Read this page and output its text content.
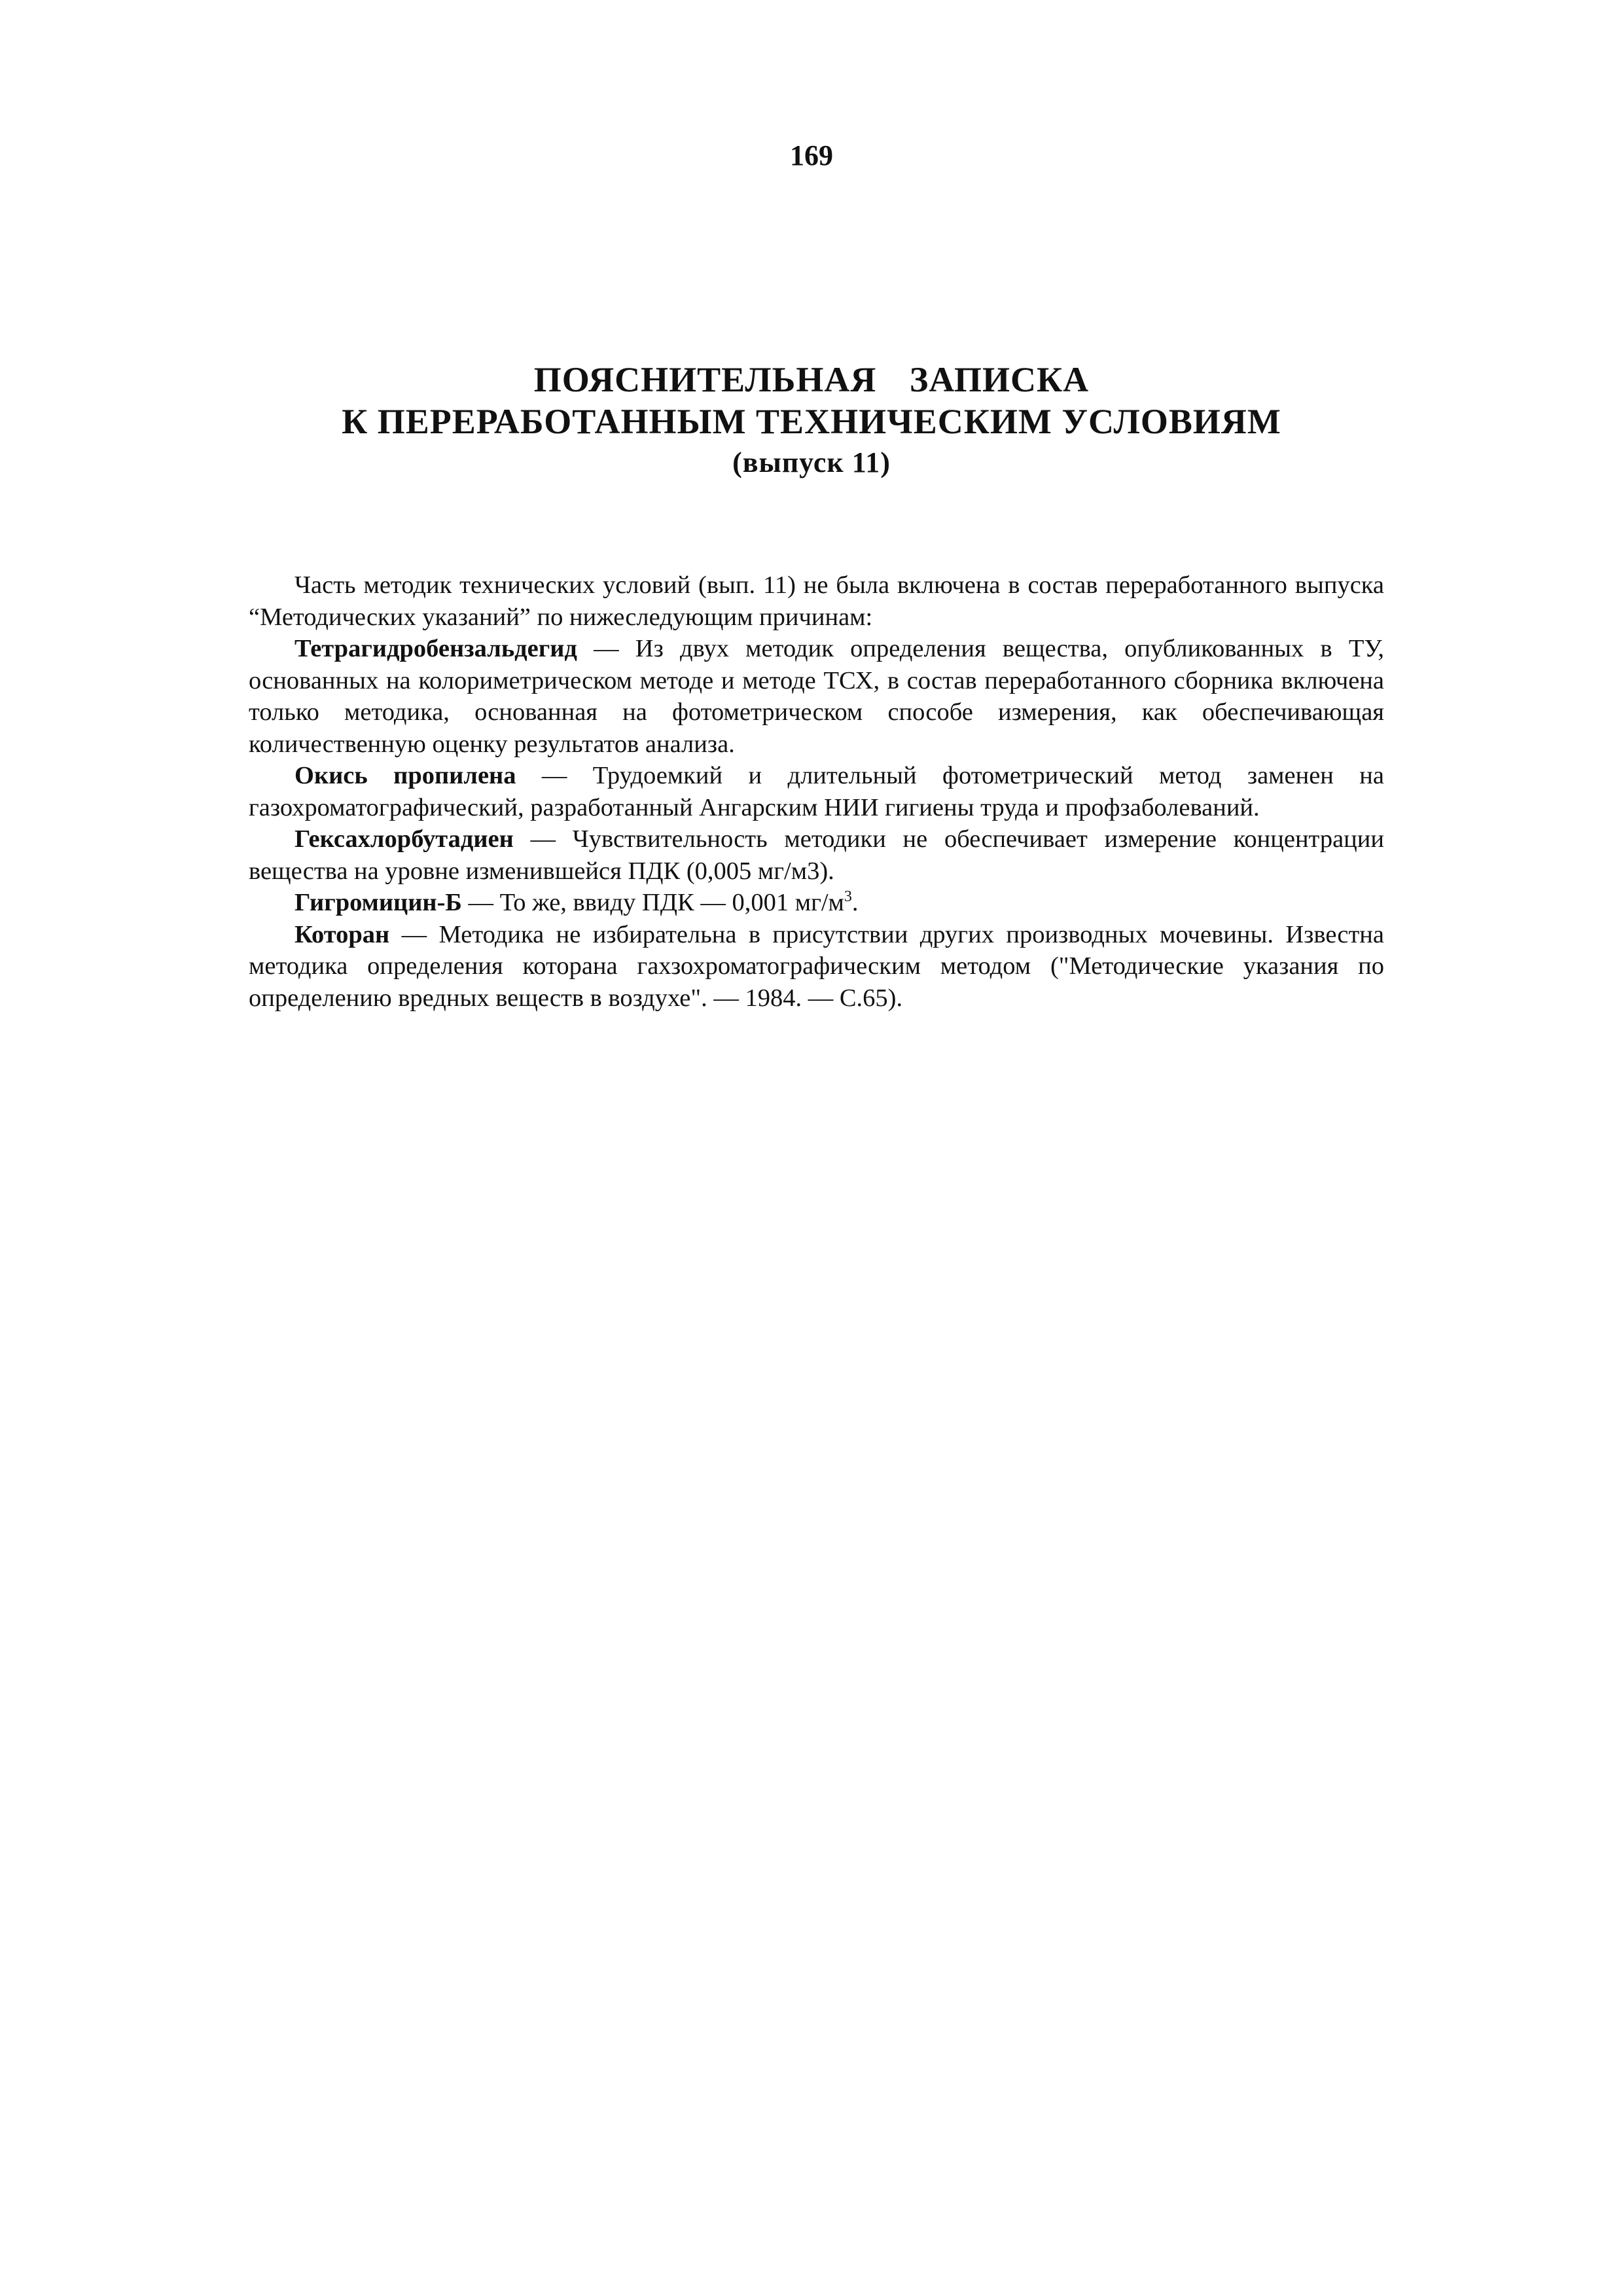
169
ПОЯСНИТЕЛЬНАЯ ЗАПИСКА
К ПЕРЕРАБОТАННЫМ ТЕХНИЧЕСКИМ УСЛОВИЯМ
(выпуск 11)

Часть методик технических условий (вып. 11) не была включена в состав переработанного выпуска “Методических указаний” по нижеследующим причинам:

Тетрагидробензальдегид — Из двух методик определения вещества, опубликованных в ТУ, основанных на колориметрическом методе и методе ТСХ, в состав переработанного сборника включена только методика, основанная на фотометрическом способе измерения, как обеспечивающая количественную оценку результатов анализа.

Окись пропилена — Трудоемкий и длительный фотометрический метод заменен на газохроматографический, разработанный Ангарским НИИ гигиены труда и профзаболеваний.

Гексахлорбутадиен — Чувствительность методики не обеспечивает измерение концентрации вещества на уровне изменившейся ПДК (0,005 мг/м3).

Гигромицин-Б — То же, ввиду ПДК — 0,001 $мг/м^3$.

Которан — Методика не избирательна в присутствии других производных мочевины. Известна методика определения которана гахзохроматографическим методом ("Методические указания по определению вредных веществ в воздухе". — 1984. — С.65).
